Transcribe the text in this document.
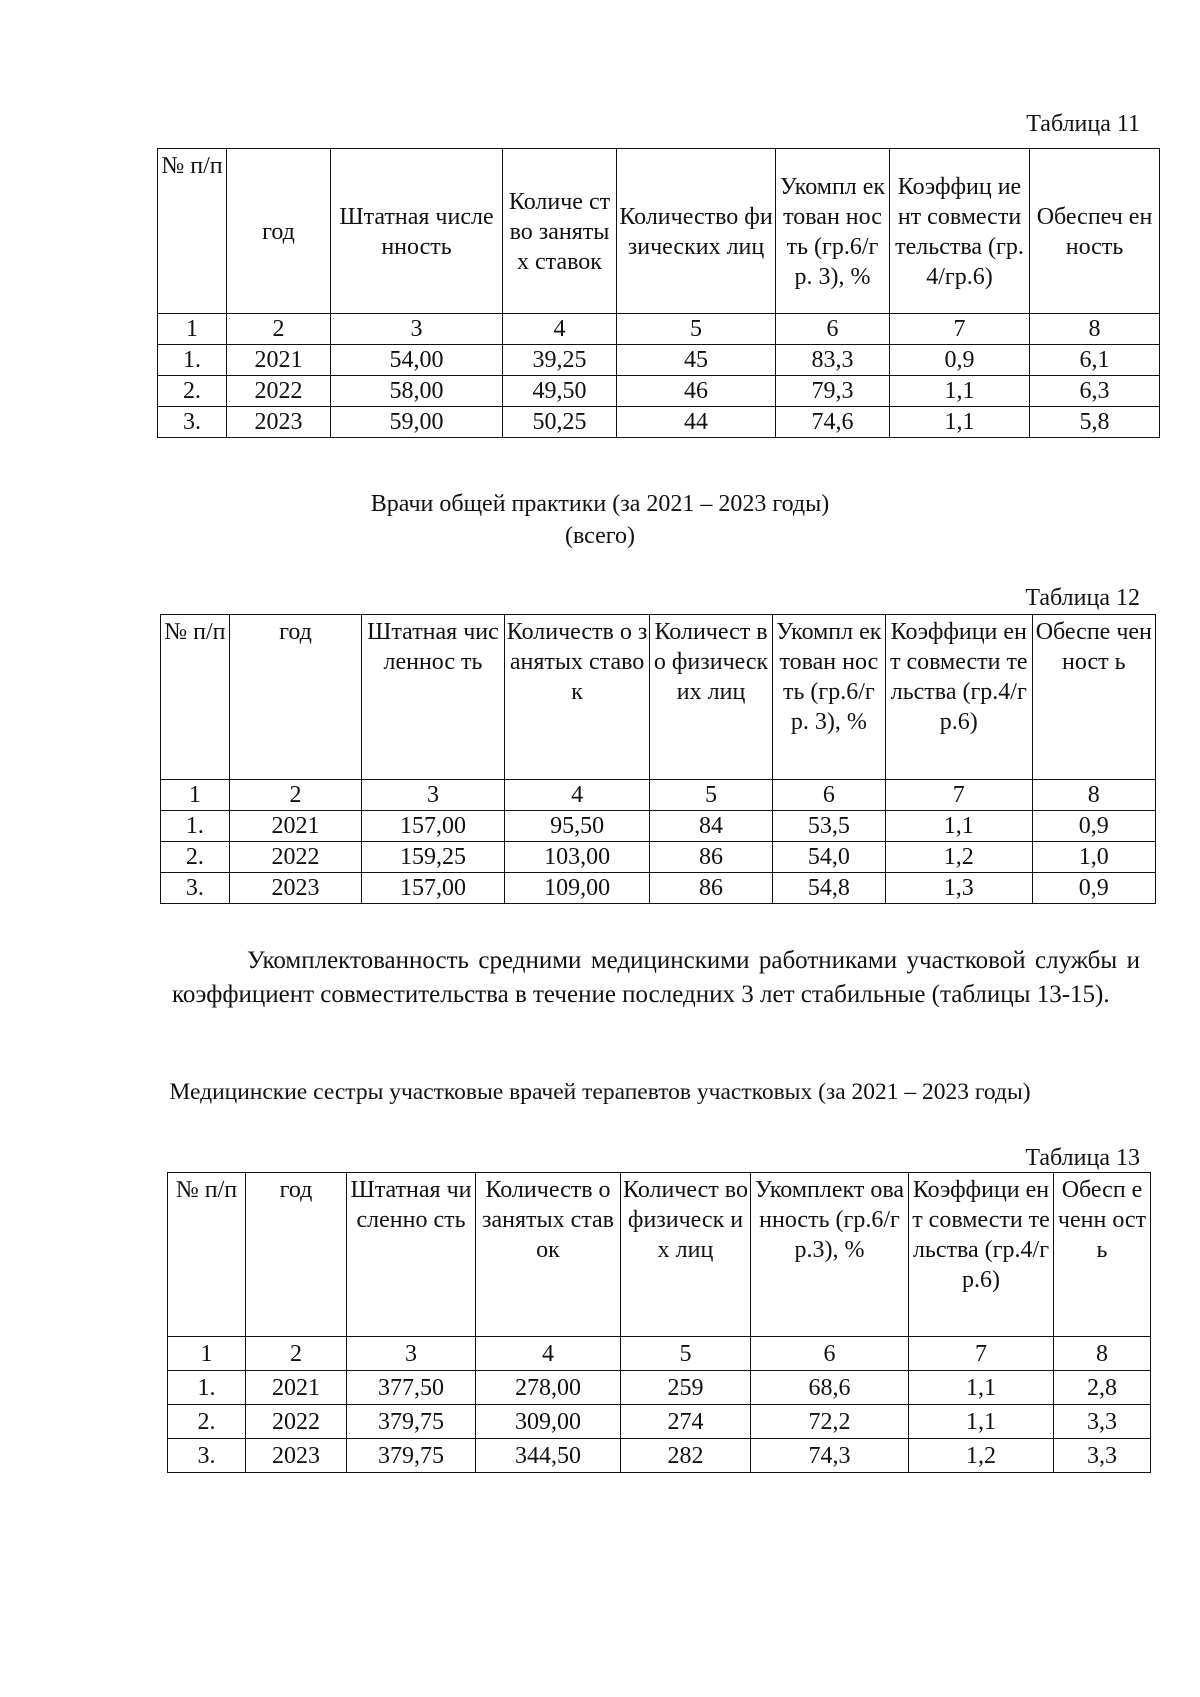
Таблица 11
№ п/п	год	Штатная численность	Количе ство занятых ставок	Количество физических лиц	Укомпл ектован ность (гр.6/гр. 3), %	Коэффиц иент совмести тельства (гр.4/гр.6)	Обеспеч енность
1	2	3	4	5	6	7	8
1.	2021	54,00	39,25	45	83,3	0,9	6,1
2.	2022	58,00	49,50	46	79,3	1,1	6,3
3.	2023	59,00	50,25	44	74,6	1,1	5,8
Врачи общей практики (за 2021 – 2023 годы)
(всего)
Таблица 12
№ п/п	год	Штатная численнос ть	Количеств о занятых ставок	Количест во физическ их лиц	Укомпл ектован ность (гр.6/гр. 3), %	Коэффици ент совмести тельства (гр.4/гр.6)	Обеспе ченност ь
1	2	3	4	5	6	7	8
1.	2021	157,00	95,50	84	53,5	1,1	0,9
2.	2022	159,25	103,00	86	54,0	1,2	1,0
3.	2023	157,00	109,00	86	54,8	1,3	0,9
Укомплектованность средними медицинскими работниками участковой службы и коэффициент совместительства в течение последних 3 лет стабильные (таблицы 13-15).
Медицинские сестры участковые врачей терапевтов участковых (за 2021 – 2023 годы)
Таблица 13
№ п/п	год	Штатная численно сть	Количеств о занятых ставок	Количест во физическ их лиц	Укомплект ованность (гр.6/гр.3), %	Коэффици ент совмести тельства (гр.4/гр.6)	Обесп еченн ость
1	2	3	4	5	6	7	8
1.	2021	377,50	278,00	259	68,6	1,1	2,8
2.	2022	379,75	309,00	274	72,2	1,1	3,3
3.	2023	379,75	344,50	282	74,3	1,2	3,3
